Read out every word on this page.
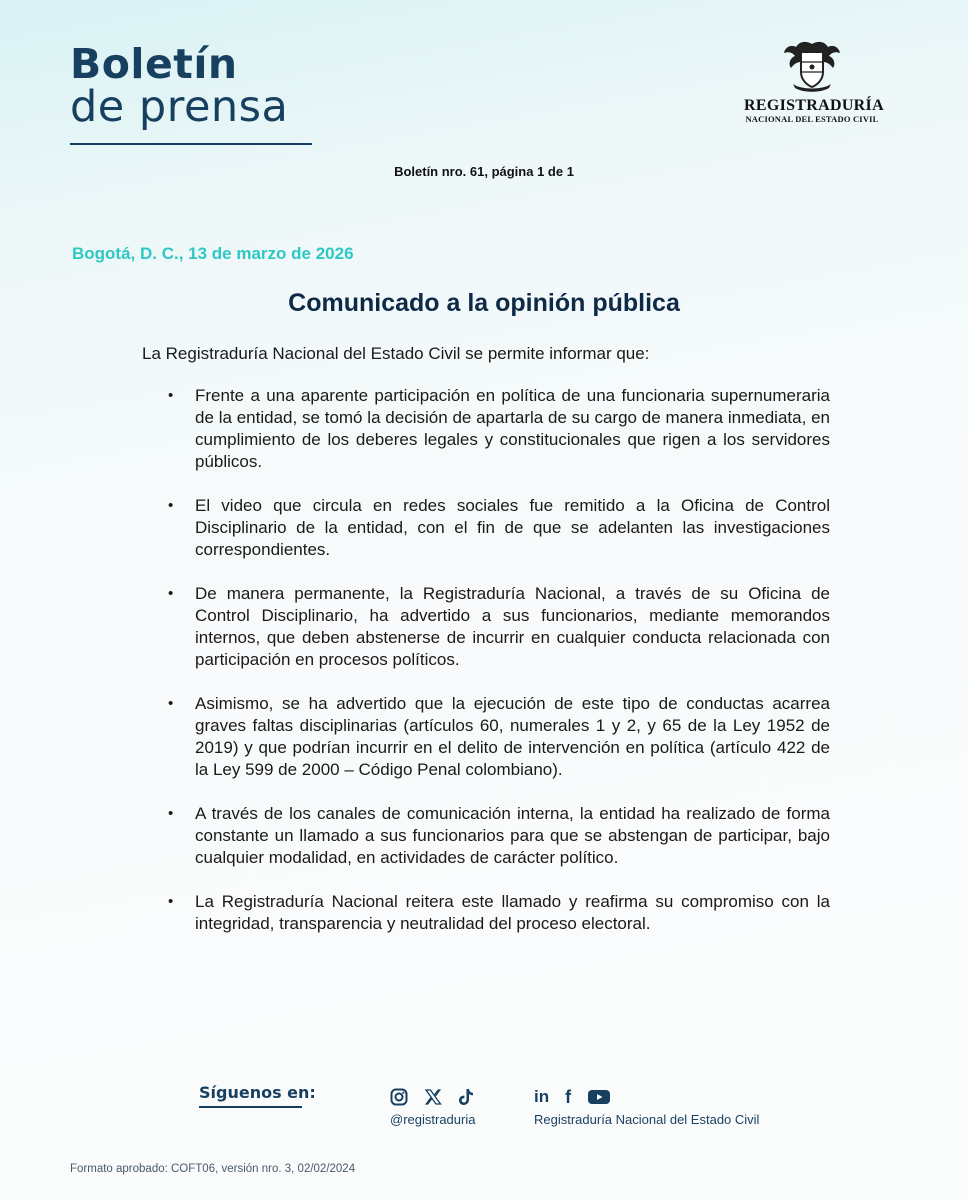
Boletín
de prensa	REGISTRADURÍA
NACIONAL DEL ESTADO CIVIL
Boletín nro. 61, página 1 de 1
Bogotá, D. C., 13 de marzo de 2026
Comunicado a la opinión pública
La Registraduría Nacional del Estado Civil se permite informar que:
• Frente a una aparente participación en política de una funcionaria supernumeraria de la entidad, se tomó la decisión de apartarla de su cargo de manera inmediata, en cumplimiento de los deberes legales y constitucionales que rigen a los servidores públicos.
• El video que circula en redes sociales fue remitido a la Oficina de Control Disciplinario de la entidad, con el fin de que se adelanten las investigaciones correspondientes.
• De manera permanente, la Registraduría Nacional, a través de su Oficina de Control Disciplinario, ha advertido a sus funcionarios, mediante memorandos internos, que deben abstenerse de incurrir en cualquier conducta relacionada con participación en procesos políticos.
• Asimismo, se ha advertido que la ejecución de este tipo de conductas acarrea graves faltas disciplinarias (artículos 60, numerales 1 y 2, y 65 de la Ley 1952 de 2019) y que podrían incurrir en el delito de intervención en política (artículo 422 de la Ley 599 de 2000 – Código Penal colombiano).
• A través de los canales de comunicación interna, la entidad ha realizado de forma constante un llamado a sus funcionarios para que se abstengan de participar, bajo cualquier modalidad, en actividades de carácter político.
• La Registraduría Nacional reitera este llamado y reafirma su compromiso con la integridad, transparencia y neutralidad del proceso electoral.
Síguenos en:
@registraduria
in f
Registraduría Nacional del Estado Civil
Formato aprobado: COFT06, versión nro. 3, 02/02/2024
